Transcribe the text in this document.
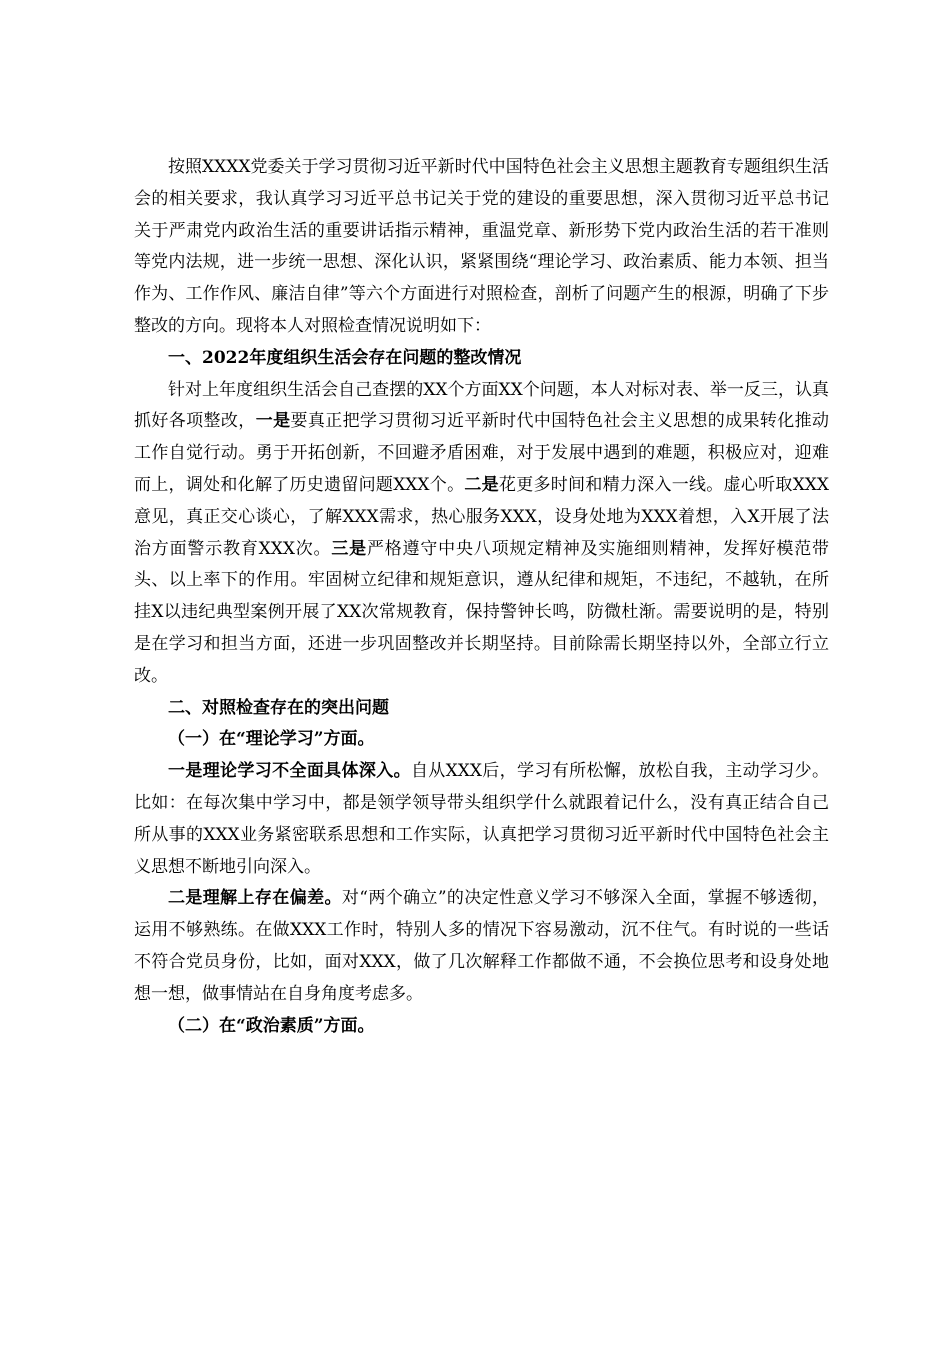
按照XXXX党委关于学习贯彻习近平新时代中国特色社会主义思想主题教育专题组织生活会的相关要求，我认真学习习近平总书记关于党的建设的重要思想，深入贯彻习近平总书记关于严肃党内政治生活的重要讲话指示精神，重温党章、新形势下党内政治生活的若干准则等党内法规，进一步统一思想、深化认识，紧紧围绕“理论学习、政治素质、能力本领、担当作为、工作作风、廉洁自律”等六个方面进行对照检查，剖析了问题产生的根源，明确了下步整改的方向。现将本人对照检查情况说明如下：

一、2022年度组织生活会存在问题的整改情况

针对上年度组织生活会自己查摆的XX个方面XX个问题，本人对标对表、举一反三，认真抓好各项整改，一是要真正把学习贯彻习近平新时代中国特色社会主义思想的成果转化推动工作自觉行动。勇于开拓创新，不回避矛盾困难，对于发展中遇到的难题，积极应对，迎难而上，调处和化解了历史遗留问题XXX个。二是花更多时间和精力深入一线。虚心听取XXX意见，真正交心谈心，了解XXX需求，热心服务XXX，设身处地为XXX着想，入X开展了法治方面警示教育XXX次。三是严格遵守中央八项规定精神及实施细则精神，发挥好模范带头、以上率下的作用。牢固树立纪律和规矩意识，遵从纪律和规矩，不违纪，不越轨，在所挂X以违纪典型案例开展了XX次常规教育，保持警钟长鸣，防微杜渐。需要说明的是，特别是在学习和担当方面，还进一步巩固整改并长期坚持。目前除需长期坚持以外，全部立行立改。

二、对照检查存在的突出问题

（一）在“理论学习”方面。

一是理论学习不全面具体深入。自从XXX后，学习有所松懈，放松自我，主动学习少。比如：在每次集中学习中，都是领学领导带头组织学什么就跟着记什么，没有真正结合自己所从事的XXX业务紧密联系思想和工作实际，认真把学习贯彻习近平新时代中国特色社会主义思想不断地引向深入。

二是理解上存在偏差。对“两个确立”的决定性意义学习不够深入全面，掌握不够透彻，运用不够熟练。在做XXX工作时，特别人多的情况下容易激动，沉不住气。有时说的一些话不符合党员身份，比如，面对XXX，做了几次解释工作都做不通，不会换位思考和设身处地想一想，做事情站在自身角度考虑多。

（二）在“政治素质”方面。
